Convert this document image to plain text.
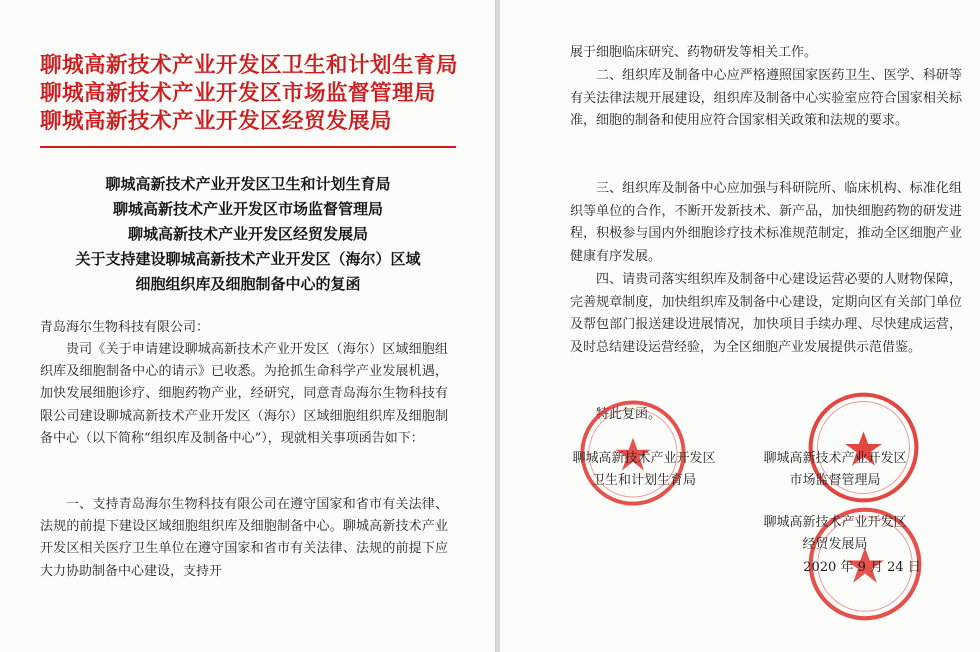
聊城高新技术产业开发区卫生和计划生育局
聊城高新技术产业开发区市场监督管理局
聊城高新技术产业开发区经贸发展局
聊城高新技术产业开发区卫生和计划生育局
聊城高新技术产业开发区市场监督管理局
聊城高新技术产业开发区经贸发展局
关于支持建设聊城高新技术产业开发区（海尔）区域
细胞组织库及细胞制备中心的复函
青岛海尔生物科技有限公司：
贵司《关于申请建设聊城高新技术产业开发区（海尔）区域细胞组织库及细胞制备中心的请示》已收悉。为抢抓生命科学产业发展机遇，加快发展细胞诊疗、细胞药物产业，经研究，同意青岛海尔生物科技有限公司建设聊城高新技术产业开发区（海尔）区域细胞组织库及细胞制备中心（以下简称“组织库及制备中心”），现就相关事项函告如下：
一、支持青岛海尔生物科技有限公司在遵守国家和省市有关法律、法规的前提下建设区域细胞组织库及细胞制备中心。聊城高新技术产业开发区相关医疗卫生单位在遵守国家和省市有关法律、法规的前提下应大力协助制备中心建设，支持开
展于细胞临床研究、药物研发等相关工作。
二、组织库及制备中心应严格遵照国家医药卫生、医学、科研等有关法律法规开展建设，组织库及制备中心实验室应符合国家相关标准，细胞的制备和使用应符合国家相关政策和法规的要求。
三、组织库及制备中心应加强与科研院所、临床机构、标准化组织等单位的合作，不断开发新技术、新产品，加快细胞药物的研发进程，积极参与国内外细胞诊疗技术标准规范制定，推动全区细胞产业健康有序发展。
四、请贵司落实组织库及制备中心建设运营必要的人财物保障，完善规章制度，加快组织库及制备中心建设，定期向区有关部门单位及帮包部门报送建设进展情况，加快项目手续办理、尽快建成运营，及时总结建设运营经验，为全区细胞产业发展提供示范借鉴。
特此复函。
聊城高新技术产业开发区
卫生和计划生育局
聊城高新技术产业开发区
市场监督管理局
聊城高新技术产业开发区
经贸发展局
2020 年 9 月 24 日
